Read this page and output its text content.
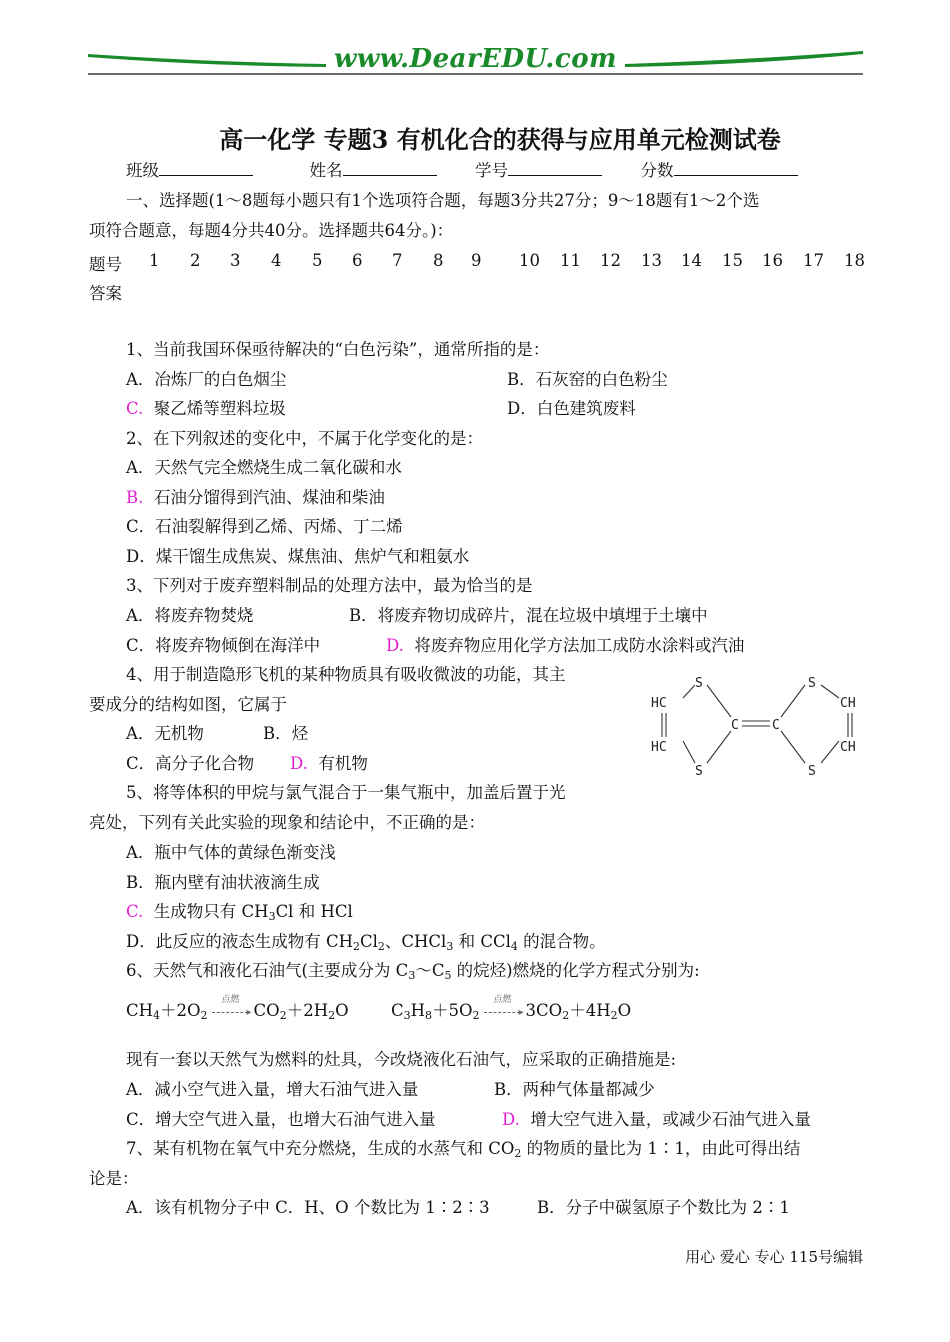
www.DearEDU.com
高一化学 专题3 有机化合的获得与应用单元检测试卷
班级	姓名	学号	分数
一、选择题(1～8题每小题只有1个选项符合题，每题3分共27分；9～18题有1～2个选
项符合题意，每题4分共40分。选择题共64分。)：
题号 1 2 3 4 5 6 7 8 9 10 11 12 13 14 15 16 17 18
答案
1、当前我国环保亟待解决的“白色污染”，通常所指的是：
A．冶炼厂的白色烟尘	B．石灰窑的白色粉尘
C. 聚乙烯等塑料垃圾	D．白色建筑废料
2、在下列叙述的变化中，不属于化学变化的是：
A．天然气完全燃烧生成二氧化碳和水
B. 石油分馏得到汽油、煤油和柴油
C．石油裂解得到乙烯、丙烯、丁二烯
D．煤干馏生成焦炭、煤焦油、焦炉气和粗氨水
3、下列对于废弃塑料制品的处理方法中，最为恰当的是
A．将废弃物焚烧	B．将废弃物切成碎片，混在垃圾中填埋于土壤中
C．将废弃物倾倒在海洋中	D. 将废弃物应用化学方法加工成防水涂料或汽油
4、用于制造隐形飞机的某种物质具有吸收微波的功能，其主
要成分的结构如图，它属于
A．无机物	B．烃
C．高分子化合物 D. 有机物
S
S
S
S
HC
HC
CH
CH
C	C
5、将等体积的甲烷与氯气混合于一集气瓶中，加盖后置于光
亮处，下列有关此实验的现象和结论中，不正确的是：
A．瓶中气体的黄绿色渐变浅
B．瓶内壁有油状液滴生成
C. 生成物只有 $CH_3Cl$ 和 HCl
D．此反应的液态生成物有 $CH_2Cl_2$、CHCl$_3$ 和 CCl$_4$ 的混合物。
6、天然气和液化石油气(主要成分为 $C_3\sim C_5$ 的烷烃)燃烧的化学方程式分别为:
$CH_4+2O_2$
点燃
▸ $CO_2+2H_2O$	$C_3H_8+5O_2$
点燃
▸ $3CO_2+4H_2O$
现有一套以天然气为燃料的灶具，今改烧液化石油气，应采取的正确措施是:
A．减小空气进入量，增大石油气进入量	B．两种气体量都减少
C．增大空气进入量，也增大石油气进入量	D. 增大空气进入量，或减少石油气进入量
7、某有机物在氧气中充分燃烧，生成的水蒸气和 $CO_2$ 的物质的量比为 1∶1，由此可得出结
论是：
A．该有机物分子中 C．H、O 个数比为 1∶2∶3	B．分子中碳氢原子个数比为 2∶1
用心 爱心 专心 115号编辑
